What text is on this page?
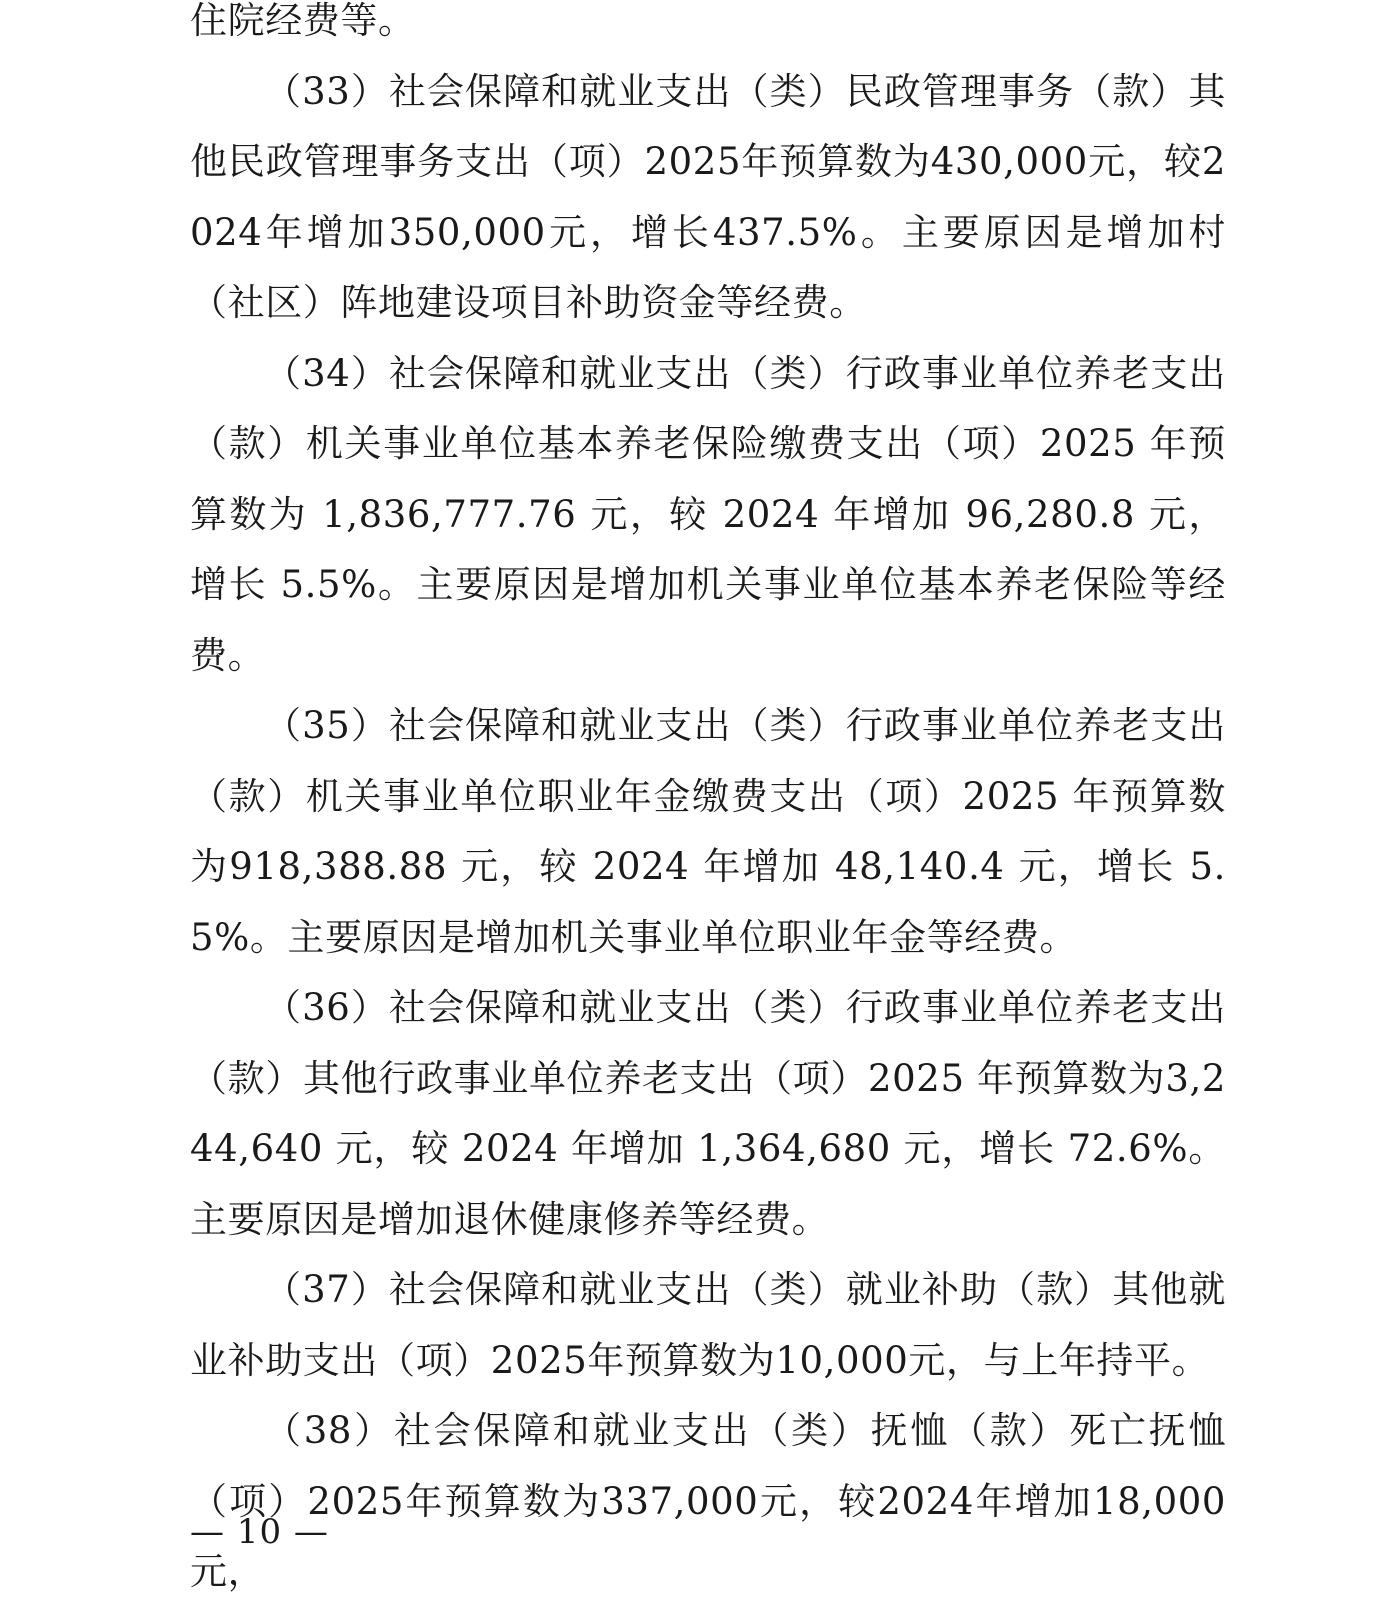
住院经费等。

（33）社会保障和就业支出（类）民政管理事务（款）其他民政管理事务支出（项）2025年预算数为430,000元，较2024年增加350,000元，增长437.5%。主要原因是增加村（社区）阵地建设项目补助资金等经费。

（34）社会保障和就业支出（类）行政事业单位养老支出（款）机关事业单位基本养老保险缴费支出（项）2025 年预算数为 1,836,777.76 元，较 2024 年增加 96,280.8 元，增长 5.5%。主要原因是增加机关事业单位基本养老保险等经费。

（35）社会保障和就业支出（类）行政事业单位养老支出（款）机关事业单位职业年金缴费支出（项）2025 年预算数为918,388.88 元，较 2024 年增加 48,140.4 元，增长 5.5%。主要原因是增加机关事业单位职业年金等经费。

（36）社会保障和就业支出（类）行政事业单位养老支出（款）其他行政事业单位养老支出（项）2025 年预算数为3,244,640 元，较 2024 年增加 1,364,680 元，增长 72.6%。主要原因是增加退休健康修养等经费。

（37）社会保障和就业支出（类）就业补助（款）其他就业补助支出（项）2025年预算数为10,000元，与上年持平。

（38）社会保障和就业支出（类）抚恤（款）死亡抚恤（项）2025年预算数为337,000元，较2024年增加18,000元，

— 10 —
